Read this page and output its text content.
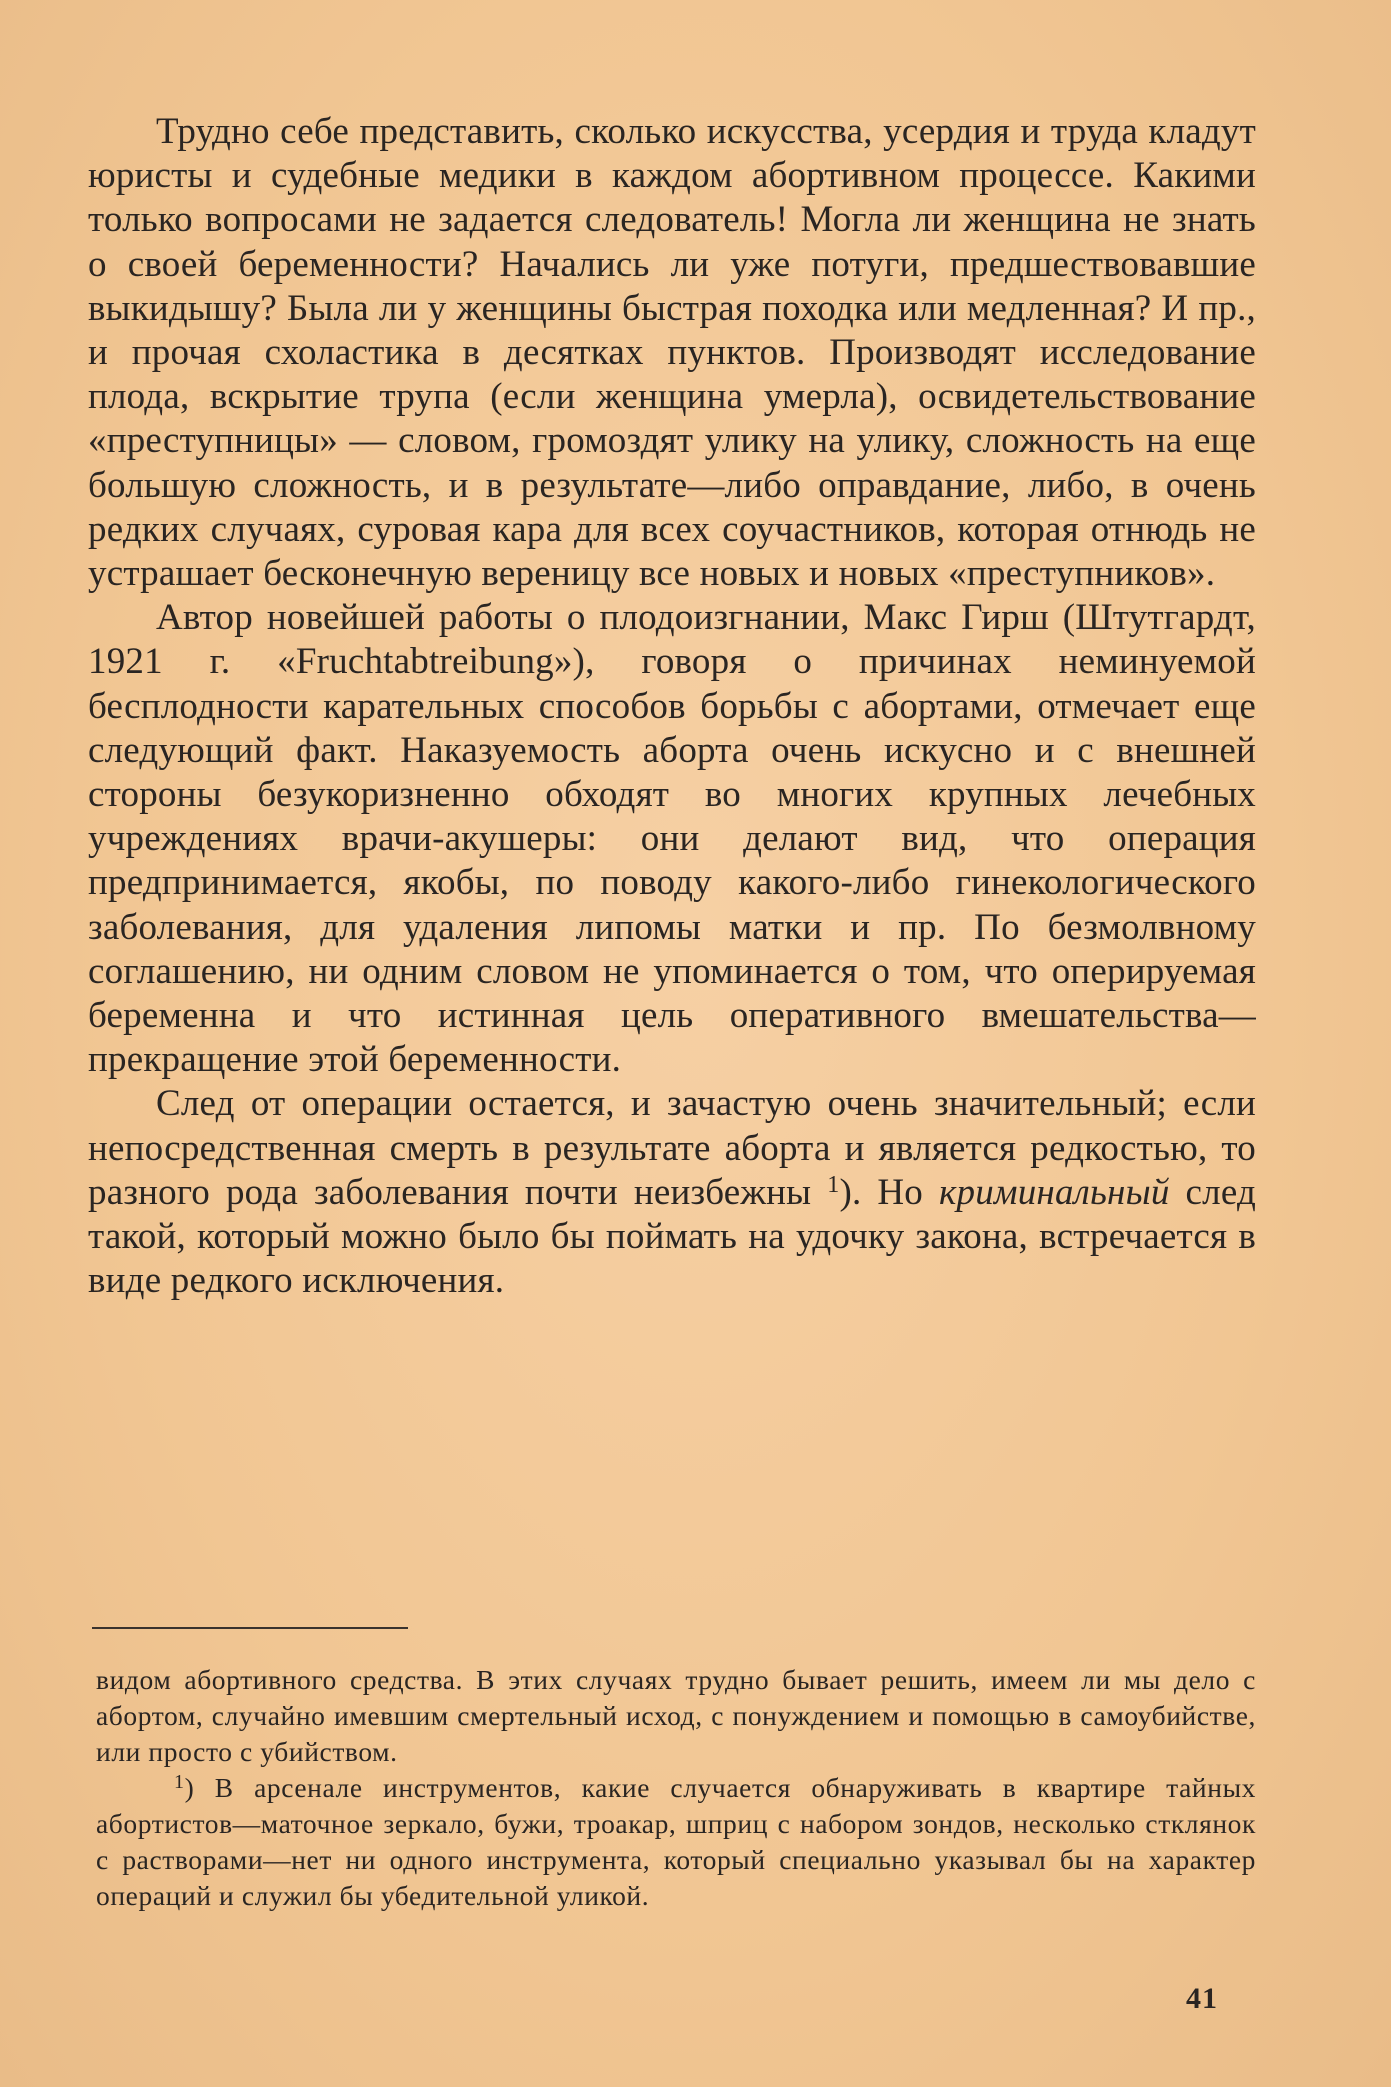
Трудно себе представить, сколько искусства, усердия и труда кладут юристы и судебные медики в каждом абортивном процессе. Какими только вопросами не задается следователь! Могла ли женщина не знать о своей беременности? Начались ли уже потуги, предшествовавшие выкидышу? Была ли у женщины быстрая походка или медленная? И пр., и прочая схоластика в десятках пунктов. Производят исследование плода, вскрытие трупа (если женщина умерла), освидетельствование «преступницы» — словом, громоздят улику на улику, сложность на еще большую сложность, и в результате—либо оправдание, либо, в очень редких случаях, суровая кара для всех соучастников, которая отнюдь не устрашает бесконечную вереницу все новых и новых «преступников».

Автор новейшей работы о плодоизгнании, Макс Гирш (Штутгардт, 1921 г. «Fruchtabtreibung»), говоря о причинах неминуемой бесплодности карательных способов борьбы с абортами, отмечает еще следующий факт. Наказуемость аборта очень искусно и с внешней стороны безукоризненно обходят во многих крупных лечебных учреждениях врачи-акушеры: они делают вид, что операция предпринимается, якобы, по поводу какого-либо гинекологического заболевания, для удаления липомы матки и пр. По безмолвному соглашению, ни одним словом не упоминается о том, что оперируемая беременна и что истинная цель оперативного вмешательства—прекращение этой беременности.

След от операции остается, и зачастую очень значительный; если непосредственная смерть в результате аборта и является редкостью, то разного рода заболевания почти неизбежны $^1$). Но криминальный след такой, который можно было бы поймать на удочку закона, встречается в виде редкого исключения.

видом абортивного средства. В этих случаях трудно бывает решить, имеем ли мы дело с абортом, случайно имевшим смертельный исход, с понуждением и помощью в самоубийстве, или просто с убийством.

$^1$) В арсенале инструментов, какие случается обнаруживать в квартире тайных абортистов—маточное зеркало, бужи, троакар, шприц с набором зондов, несколько стклянок с растворами—нет ни одного инструмента, который специально указывал бы на характер операций и служил бы убедительной уликой.

41
